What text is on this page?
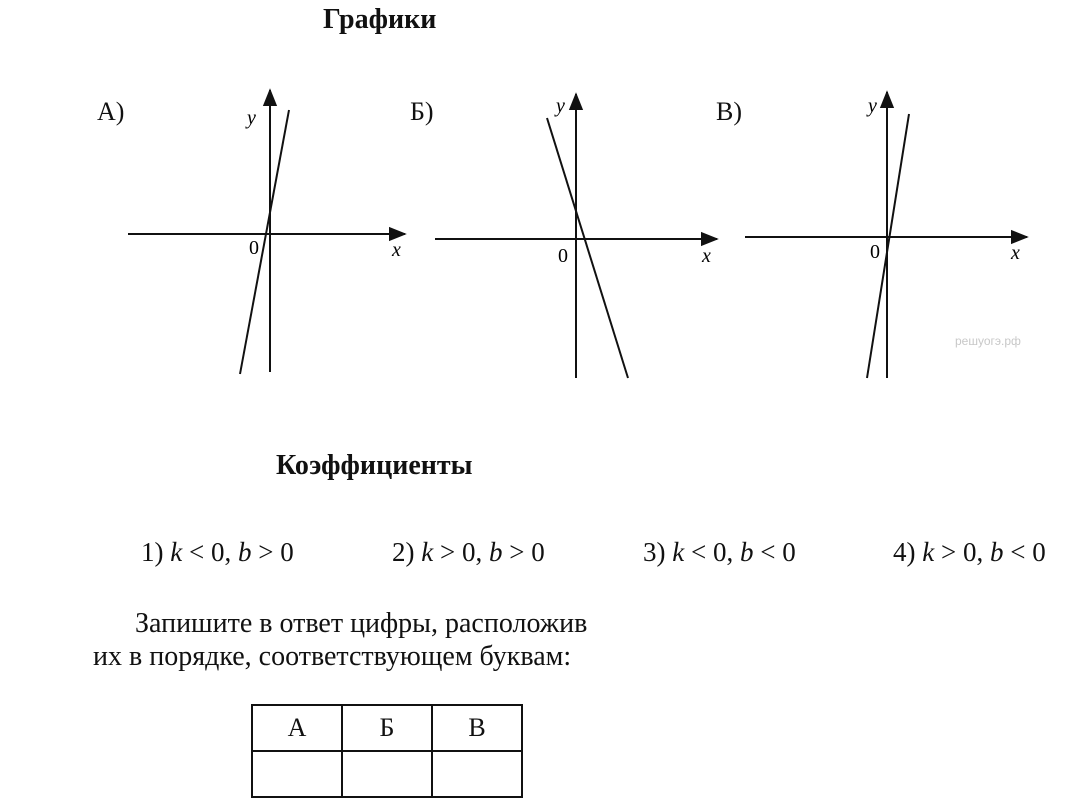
Графики
А)	Б)	В)
x
y
0	x
y
0	x
y
0
решуогэ.рф
Коэффициенты
1) k < 0, b > 0	2) k > 0, b > 0	3) k < 0, b < 0	4) k > 0, b < 0
Запишите в ответ цифры, расположив
их в порядке, соответствующем буквам:
А	Б	В
